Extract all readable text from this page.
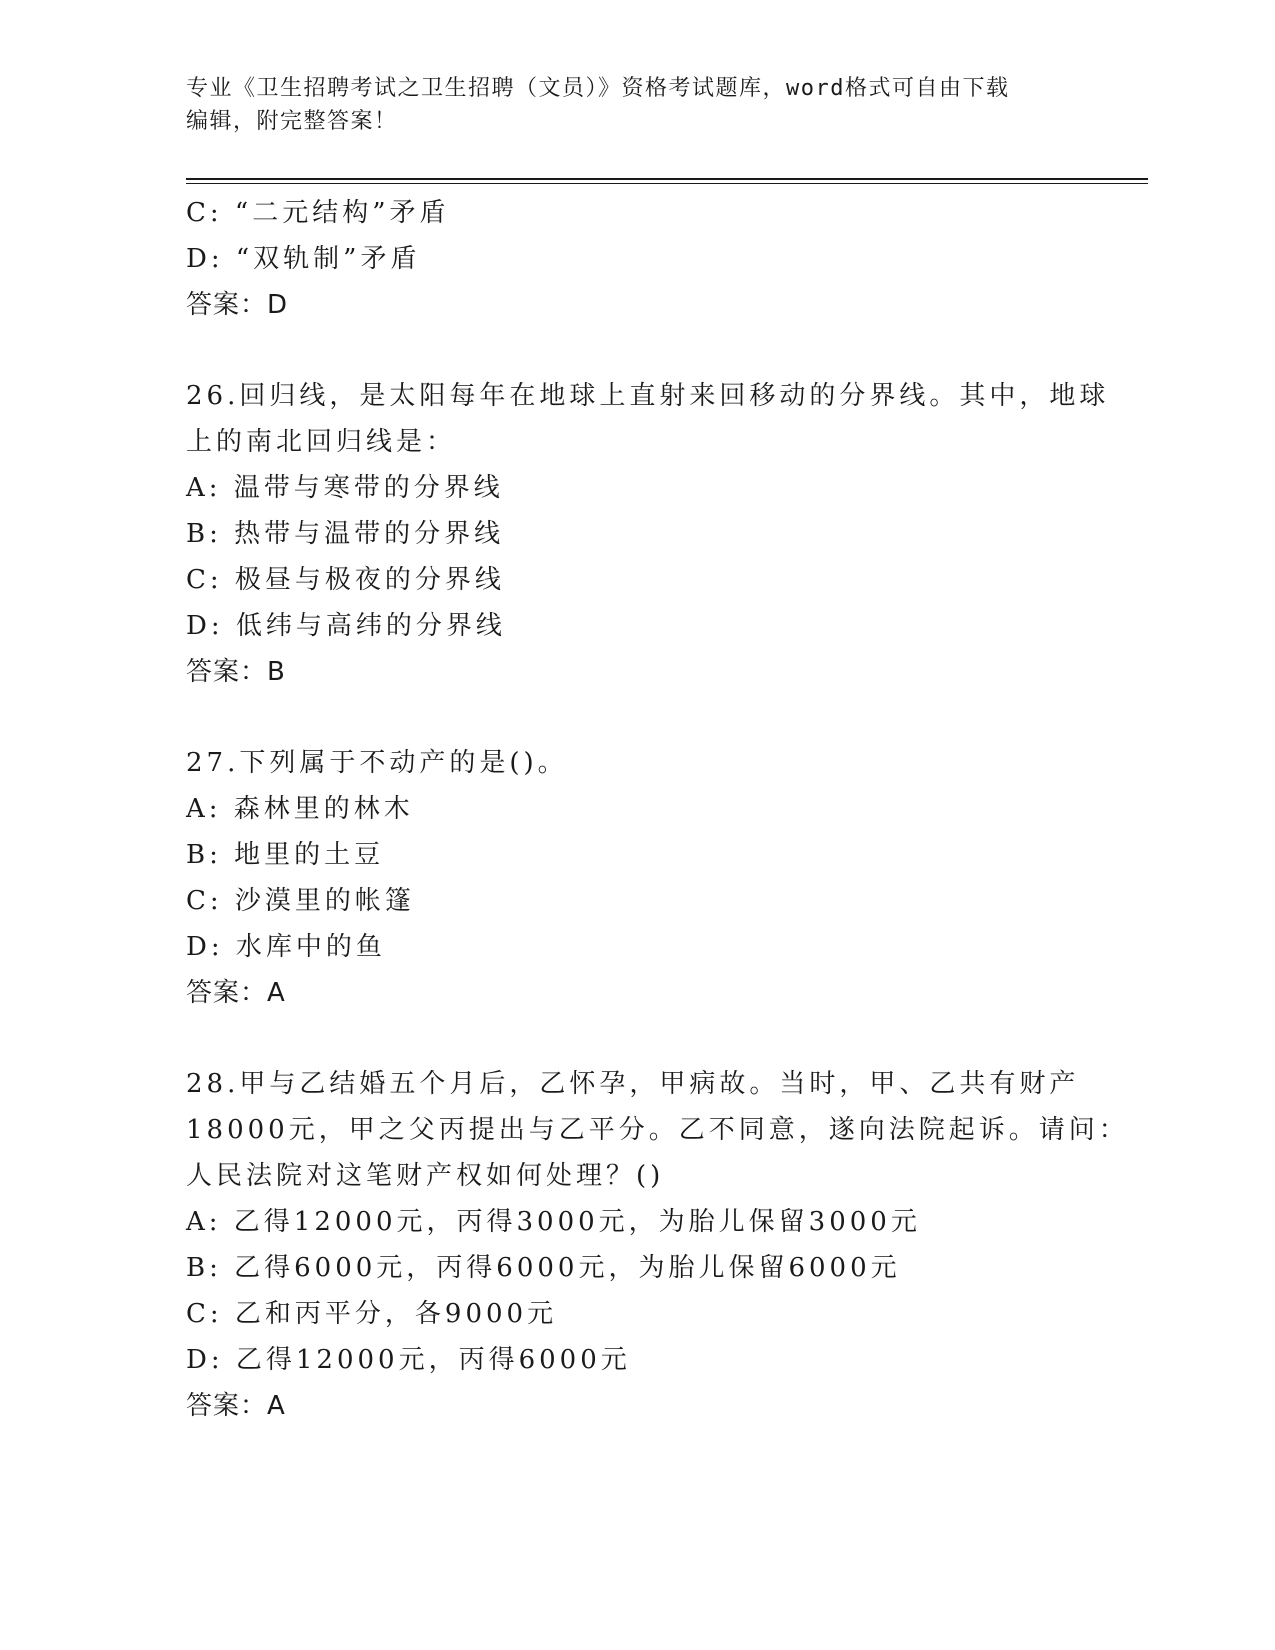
专业《卫生招聘考试之卫生招聘（文员）》资格考试题库，word格式可自由下载
编辑，附完整答案！
C: “二元结构”矛盾
D: “双轨制”矛盾
答案：D
26.回归线，是太阳每年在地球上直射来回移动的分界线。其中，地球
上的南北回归线是：
A: 温带与寒带的分界线
B: 热带与温带的分界线
C: 极昼与极夜的分界线
D: 低纬与高纬的分界线
答案：B
27.下列属于不动产的是()。
A: 森林里的林木
B: 地里的土豆
C: 沙漠里的帐篷
D: 水库中的鱼
答案：A
28.甲与乙结婚五个月后，乙怀孕，甲病故。当时，甲、乙共有财产
18000元，甲之父丙提出与乙平分。乙不同意，遂向法院起诉。请问：
人民法院对这笔财产权如何处理？()
A: 乙得12000元，丙得3000元，为胎儿保留3000元
B: 乙得6000元，丙得6000元，为胎儿保留6000元
C: 乙和丙平分，各9000元
D: 乙得12000元，丙得6000元
答案：A
